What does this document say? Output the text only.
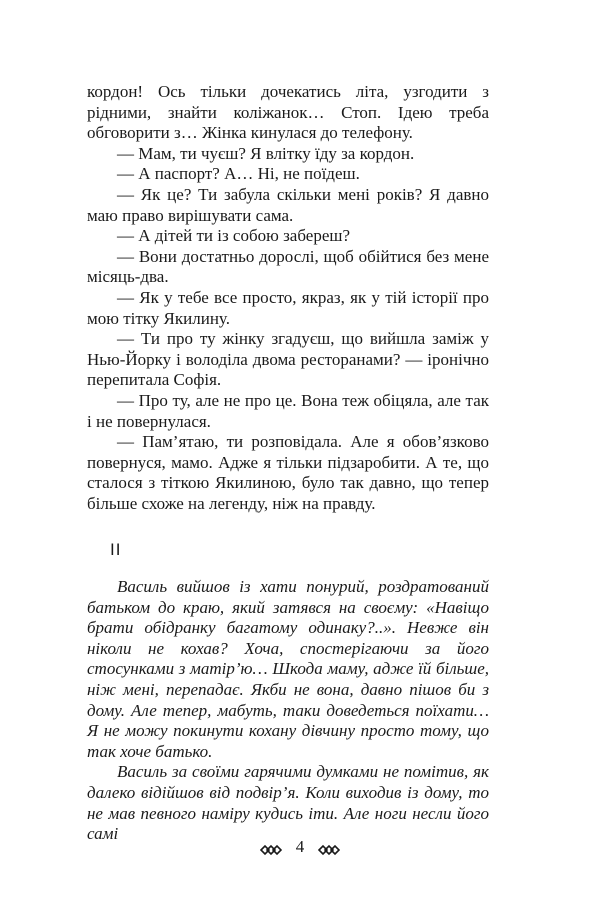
кордон! Ось тільки дочекатись літа, узгодити з рідними, знайти коліжанок… Стоп. Ідею треба обговорити з… Жінка кинулася до телефону.

— Мам, ти чуєш? Я влітку їду за кордон.

— А паспорт? А… Ні, не поїдеш.

— Як це? Ти забула скільки мені років? Я давно маю право вирішувати сама.

— А дітей ти із собою забереш?

— Вони достатньо дорослі, щоб обійтися без мене місяць-два.

— Як у тебе все просто, якраз, як у тій історії про мою тітку Якилину.

— Ти про ту жінку згадуєш, що вийшла заміж у Нью-Йорку і володіла двома ресторанами? — іронічно перепитала Софія.

— Про ту, але не про це. Вона теж обіцяла, але так і не повернулася.

— Пам’ятаю, ти розповідала. Але я обов’язково повернуся, мамо. Адже я тільки підзаробити. А те, що сталося з тіткою Якилиною, було так давно, що тепер більше схоже на легенду, ніж на правду.

II

Василь вийшов із хати понурий, роздратований батьком до краю, який затявся на своєму: «Навіщо брати обідранку багатому одинаку?..». Невже він ніколи не кохав? Хоча, спостерігаючи за його стосунками з матір’ю… Шкода маму, адже їй більше, ніж мені, перепадає. Якби не вона, давно пішов би з дому. Але тепер, мабуть, таки доведеться поїхати… Я не можу покинути кохану дівчину просто тому, що так хоче батько.

Василь за своїми гарячими думками не помітив, як далеко відійшов від подвір’я. Коли виходив із дому, то не мав певного наміру кудись іти. Але ноги несли його самі

4
